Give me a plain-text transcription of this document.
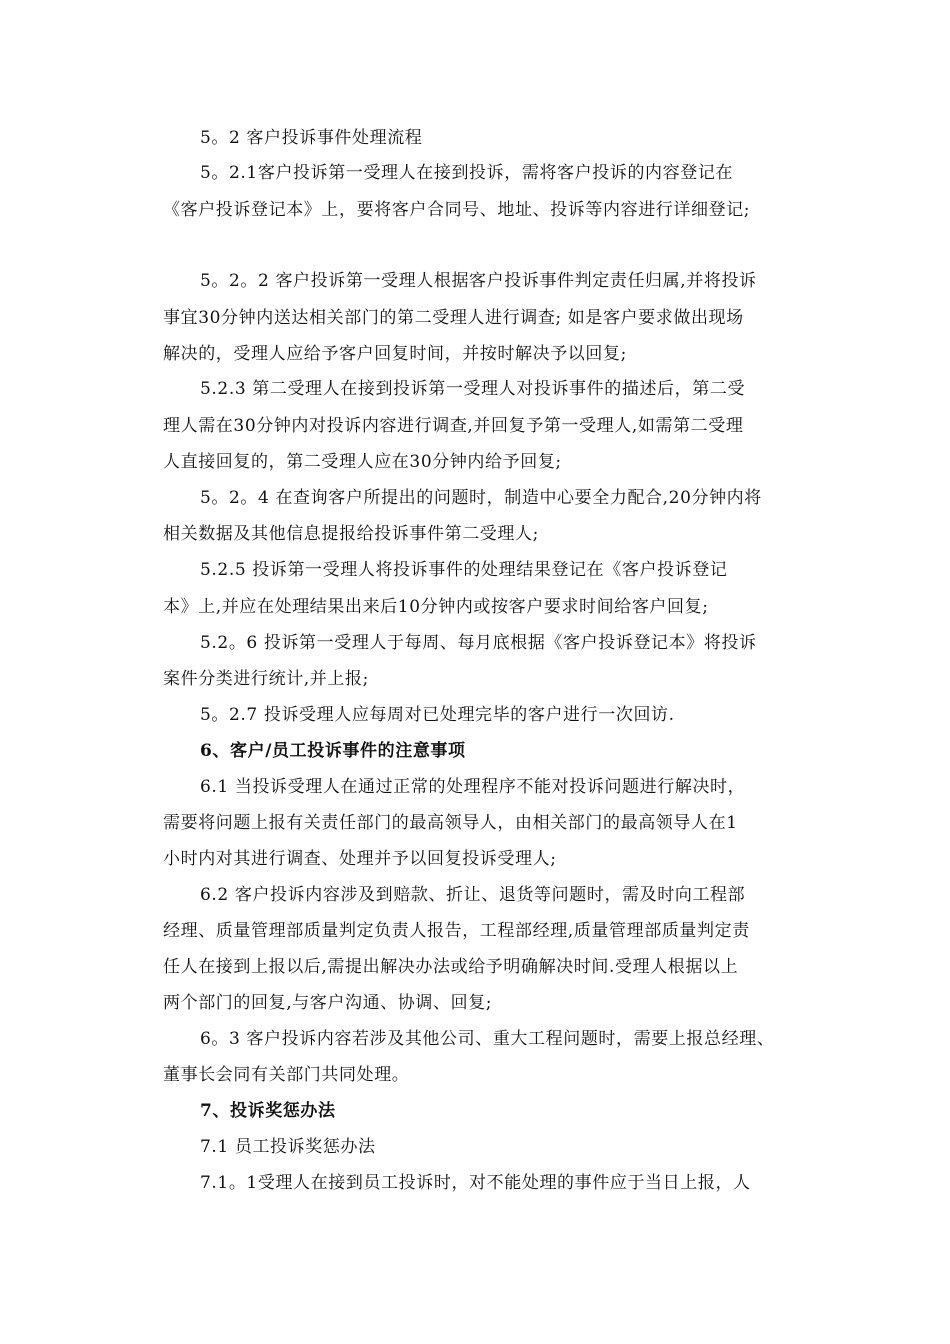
5。2 客户投诉事件处理流程
5。2.1客户投诉第一受理人在接到投诉，需将客户投诉的内容登记在
《客户投诉登记本》上，要将客户合同号、地址、投诉等内容进行详细登记;
5。2。2 客户投诉第一受理人根据客户投诉事件判定责任归属,并将投诉
事宜30分钟内送达相关部门的第二受理人进行调查; 如是客户要求做出现场
解决的，受理人应给予客户回复时间，并按时解决予以回复;
5.2.3 第二受理人在接到投诉第一受理人对投诉事件的描述后，第二受
理人需在30分钟内对投诉内容进行调查,并回复予第一受理人,如需第二受理
人直接回复的，第二受理人应在30分钟内给予回复;
5。2。4 在查询客户所提出的问题时，制造中心要全力配合,20分钟内将
相关数据及其他信息提报给投诉事件第二受理人;
5.2.5 投诉第一受理人将投诉事件的处理结果登记在《客户投诉登记
本》上,并应在处理结果出来后10分钟内或按客户要求时间给客户回复;
5.2。6 投诉第一受理人于每周、每月底根据《客户投诉登记本》将投诉
案件分类进行统计,并上报;
5。2.7 投诉受理人应每周对已处理完毕的客户进行一次回访.
6、客户/员工投诉事件的注意事项
6.1 当投诉受理人在通过正常的处理程序不能对投诉问题进行解决时，
需要将问题上报有关责任部门的最高领导人，由相关部门的最高领导人在1
小时内对其进行调查、处理并予以回复投诉受理人;
6.2 客户投诉内容涉及到赔款、折让、退货等问题时，需及时向工程部
经理、质量管理部质量判定负责人报告，工程部经理,质量管理部质量判定责
任人在接到上报以后,需提出解决办法或给予明确解决时间.受理人根据以上
两个部门的回复,与客户沟通、协调、回复;
6。3 客户投诉内容若涉及其他公司、重大工程问题时，需要上报总经理、
董事长会同有关部门共同处理。
7、投诉奖惩办法
7.1 员工投诉奖惩办法
7.1。1受理人在接到员工投诉时，对不能处理的事件应于当日上报，人
